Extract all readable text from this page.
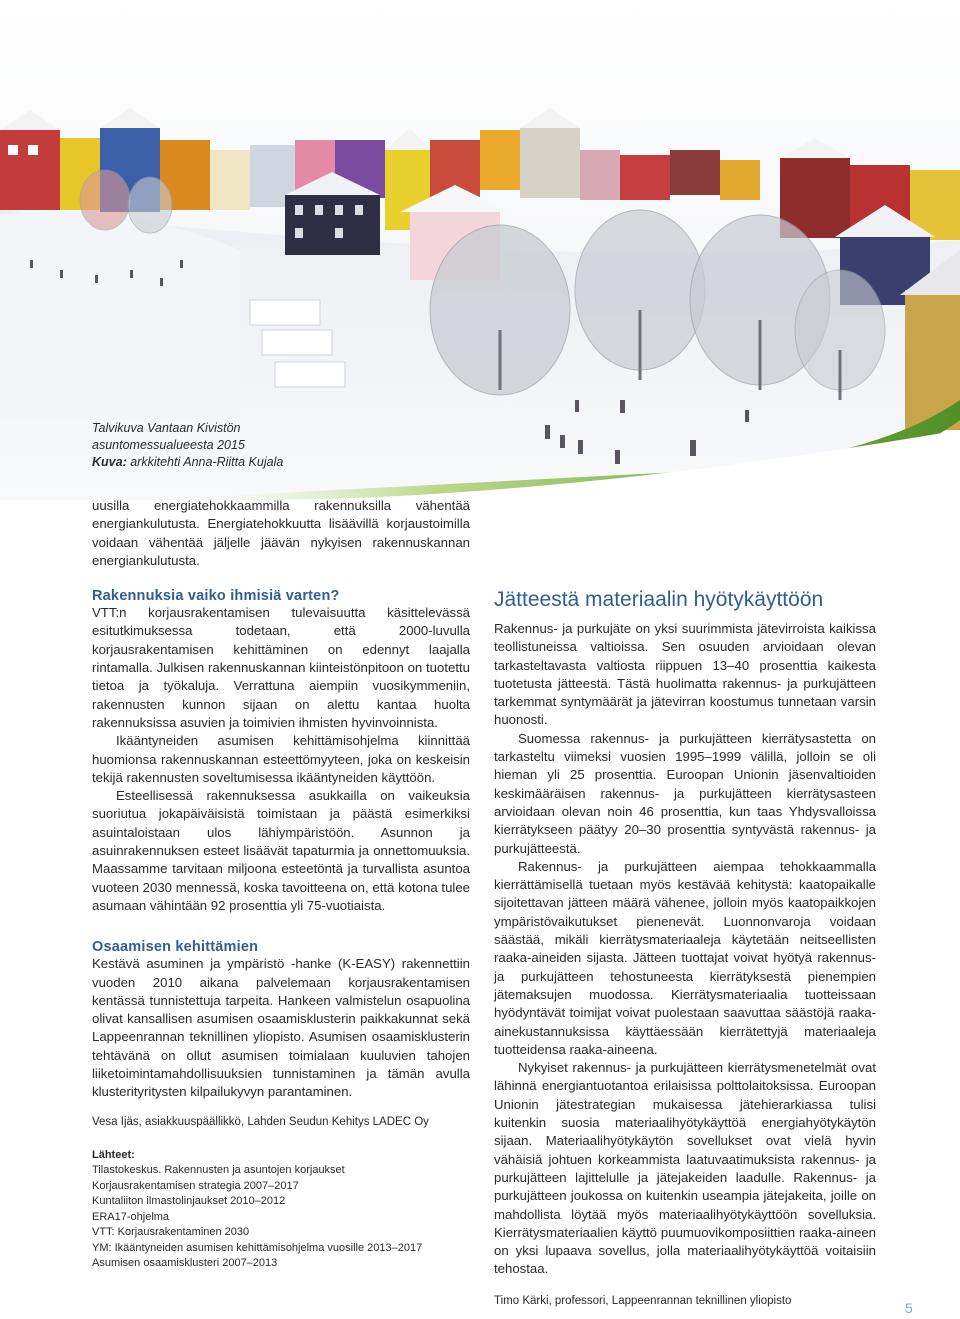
Talvikuva Vantaan Kivistön
asuntomessualueesta 2015
Kuva: arkkitehti Anna-Riitta Kujala

uusilla energiatehokkaammilla rakennuksilla vähentää energiankulutusta. Energiatehokkuutta lisäävillä korjaustoimilla voidaan vähentää jäljelle jäävän nykyisen rakennuskannan energiankulutusta.

Rakennuksia vaiko ihmisiä varten?

VTT:n korjausrakentamisen tulevaisuutta käsittelevässä esitutkimuksessa todetaan, että 2000-luvulla korjausrakentamisen kehittäminen on edennyt laajalla rintamalla. Julkisen rakennuskannan kiinteistönpitoon on tuotettu tietoa ja työkaluja. Verrattuna aiempiin vuosikymmeniin, rakennusten kunnon sijaan on alettu kantaa huolta rakennuksissa asuvien ja toimivien ihmisten hyvinvoinnista.

Ikääntyneiden asumisen kehittämisohjelma kiinnittää huomionsa rakennuskannan esteettömyyteen, joka on keskeisin tekijä rakennusten soveltumisessa ikääntyneiden käyttöön.

Esteellisessä rakennuksessa asukkailla on vaikeuksia suoriutua jokapäiväisistä toimistaan ja päästä esimerkiksi asuintaloistaan ulos lähiympäristöön. Asunnon ja asuinrakennuksen esteet lisäävät tapaturmia ja onnettomuuksia. Maassamme tarvitaan miljoona esteetöntä ja turvallista asuntoa vuoteen 2030 mennessä, koska tavoitteena on, että kotona tulee asumaan vähintään 92 prosenttia yli 75-vuotiaista.

Osaamisen kehittämien

Kestävä asuminen ja ympäristö -hanke (K-EASY) rakennettiin vuoden 2010 aikana palvelemaan korjausrakentamisen kentässä tunnistettuja tarpeita. Hankeen valmistelun osapuolina olivat kansallisen asumisen osaamisklusterin paikkakunnat sekä Lappeenrannan teknillinen yliopisto. Asumisen osaamisklusterin tehtävänä on ollut asumisen toimialaan kuuluvien tahojen liiketoimintamahdollisuuksien tunnistaminen ja tämän avulla klusterityritysten kilpailukyvyn parantaminen.

Vesa Ijäs, asiakkuuspäällikkö, Lahden Seudun Kehitys LADEC Oy
Lähteet:
Tilastokeskus. Rakennusten ja asuntojen korjaukset
Korjausrakentamisen strategia 2007–2017
Kuntaliiton ilmastolinjaukset 2010–2012
ERA17-ohjelma
VTT: Korjausrakentaminen 2030
YM: Ikääntyneiden asumisen kehittämisohjelma vuosille 2013–2017
Asumisen osaamisklusteri 2007–2013
Jätteestä materiaalin hyötykäyttöön

Rakennus- ja purkujäte on yksi suurimmista jätevirroista kaikissa teollistuneissa valtioissa. Sen osuuden arvioidaan olevan tarkasteltavasta valtiosta riippuen 13–40 prosenttia kaikesta tuotetusta jätteestä. Tästä huolimatta rakennus- ja purkujätteen tarkemmat syntymäärät ja jätevirran koostumus tunnetaan varsin huonosti.

Suomessa rakennus- ja purkujätteen kierrätysastetta on tarkasteltu viimeksi vuosien 1995–1999 välillä, jolloin se oli hieman yli 25 prosenttia. Euroopan Unionin jäsenvaltioiden keskimääräisen rakennus- ja purkujätteen kierrätysasteen arvioidaan olevan noin 46 prosenttia, kun taas Yhdysvalloissa kierrätykseen päätyy 20–30 prosenttia syntyvästä rakennus- ja purkujätteestä.

Rakennus- ja purkujätteen aiempaa tehokkaammalla kierrättämisellä tuetaan myös kestävää kehitystä: kaatopaikalle sijoitettavan jätteen määrä vähenee, jolloin myös kaatopaikkojen ympäristövaikutukset pienenevät. Luonnonvaroja voidaan säästää, mikäli kierrätysmateriaaleja käytetään neitseellisten raaka-aineiden sijasta. Jätteen tuottajat voivat hyötyä rakennus- ja purkujätteen tehostuneesta kierrätyksestä pienempien jätemaksujen muodossa. Kierrätysmateriaalia tuotteissaan hyödyntävät toimijat voivat puolestaan saavuttaa säästöjä raaka-ainekustannuksissa käyttäessään kierrätettyjä materiaaleja tuotteidensa raaka-aineena.

Nykyiset rakennus- ja purkujätteen kierrätysmenetelmät ovat lähinnä energiantuotantoa erilaisissa polttolaitoksissa. Euroopan Unionin jätestrategian mukaisessa jätehierarkiassa tulisi kuitenkin suosia materiaalihyötykäyttöä energiahyötykäytön sijaan. Materiaalihyötykäytön sovellukset ovat vielä hyvin vähäisiä johtuen korkeammista laatuvaatimuksista rakennus- ja purkujätteen lajittelulle ja jätejakeiden laadulle. Rakennus- ja purkujätteen joukossa on kuitenkin useampia jätejakeita, joille on mahdollista löytää myös materiaalihyötykäyttöön sovelluksia. Kierrätysmateriaalien käyttö puumuovikomposiittien raaka-aineen on yksi lupaava sovellus, jolla materiaalihyötykäyttöä voitaisiin tehostaa.

Timo Kärki, professori, Lappeenrannan teknillinen yliopisto	5
